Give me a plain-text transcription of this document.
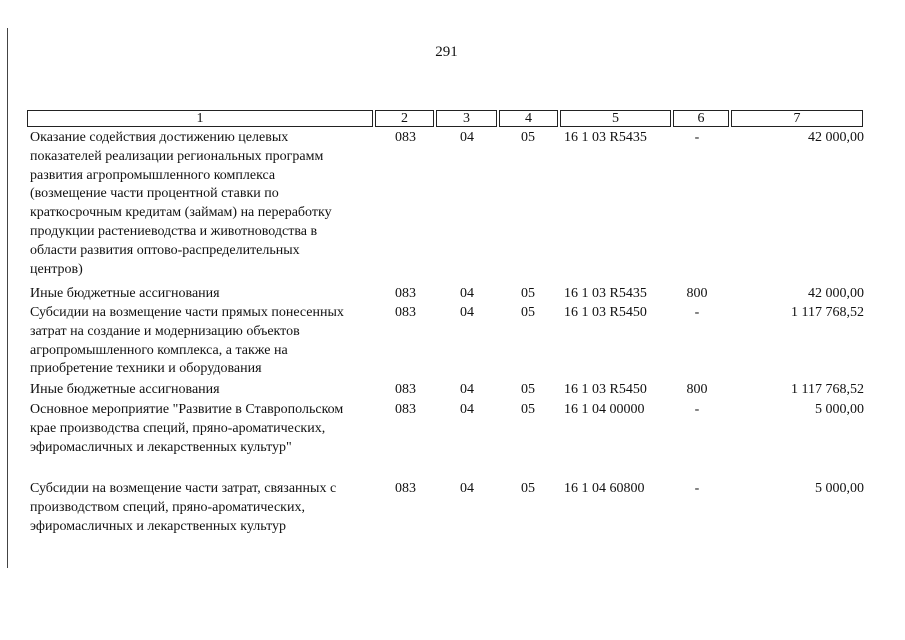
291
1	2	3	4	5	6	7
Оказание содействия достижению целевых
показателей реализации региональных программ
развития агропромышленного комплекса
(возмещение части процентной ставки по
краткосрочным кредитам (займам) на переработку
продукции растениеводства и животноводства в
области развития оптово-распределительных
центров)
083	04	05 16 1 03 R5435	-	42 000,00
Иные бюджетные ассигнования	083	04	05 16 1 03 R5435	800	42 000,00
Субсидии на возмещение части прямых понесенных
затрат на создание и модернизацию объектов
агропромышленного комплекса, а также на
приобретение техники и оборудования
083	04	05 16 1 03 R5450	-	1 117 768,52
Иные бюджетные ассигнования	083	04	05 16 1 03 R5450	800	1 117 768,52
Основное мероприятие "Развитие в Ставропольском
крае производства специй, пряно-ароматических,
эфиромасличных и лекарственных культур"
083	04	05 16 1 04 00000	-	5 000,00
Субсидии на возмещение части затрат, связанных с
производством специй, пряно-ароматических,
эфиромасличных и лекарственных культур
083	04	05 16 1 04 60800	-	5 000,00
